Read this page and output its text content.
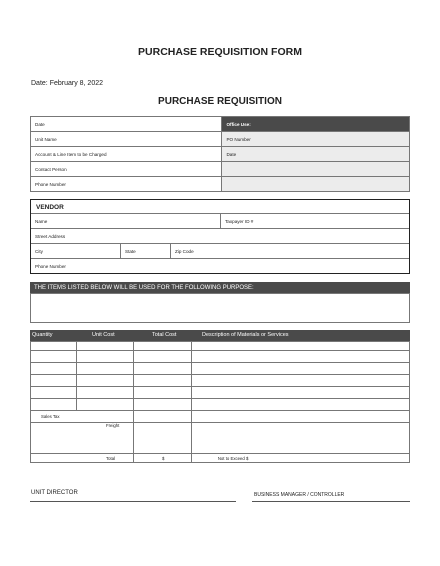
PURCHASE REQUISITION FORM
Date: February 8, 2022
PURCHASE REQUISITION
Date	Office Use:
Unit Name	PO Number
Account & Line Item to be Charged	Date
Contact Person	
Phone Number	
VENDOR
Name	Taxpayer ID #
Street Address
City	State	Zip Code
Phone Number
THE ITEMS LISTED BELOW WILL BE USED FOR THE FOLLOWING PURPOSE:
Quantity	Unit Cost	Total Cost	Description of Materials or Services

Sales Tax			
Freight			
Total		$	Not to Exceed $
UNIT DIRECTOR	BUSINESS MANAGER / CONTROLLER
